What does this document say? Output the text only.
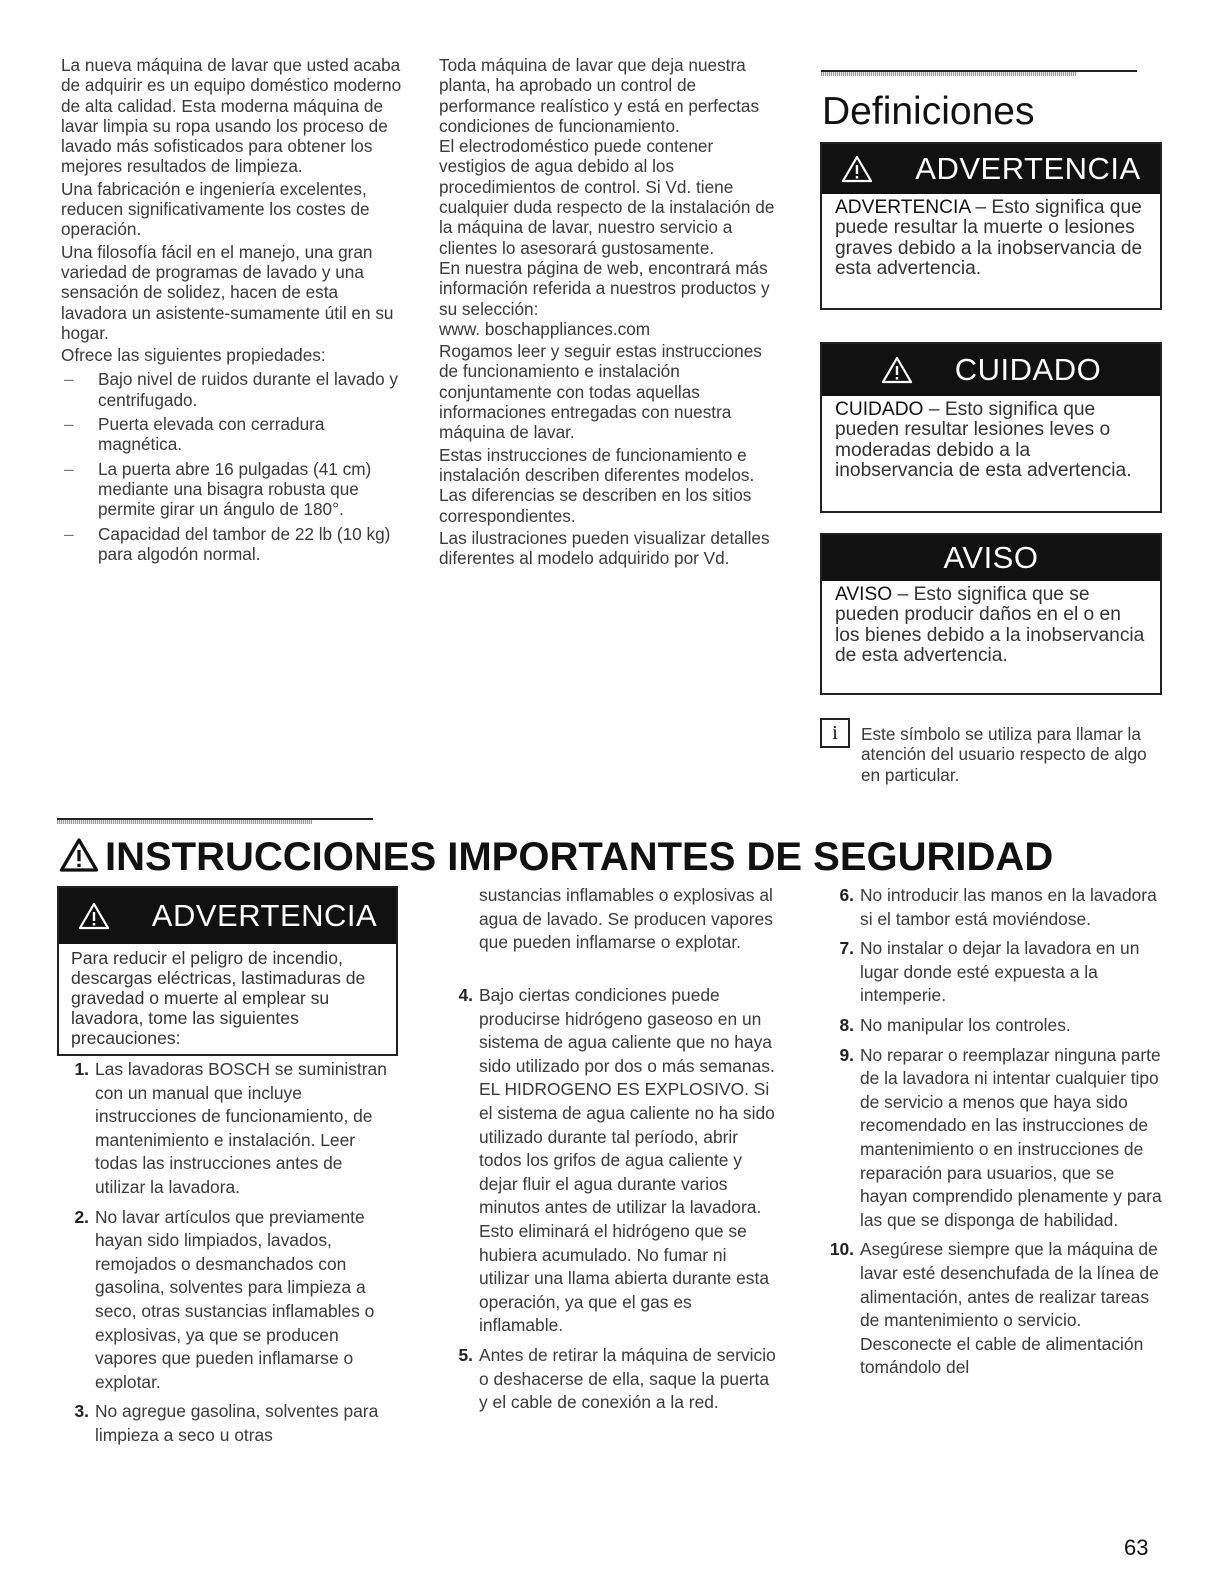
La nueva máquina de lavar que usted acaba de adquirir es un equipo doméstico moderno de alta calidad. Esta moderna máquina de lavar limpia su ropa usando los proceso de lavado más sofisticados para obtener los mejores resultados de limpieza.

Una fabricación e ingeniería excelentes, reducen significativamente los costes de operación.

Una filosofía fácil en el manejo, una gran variedad de programas de lavado y una sensación de solidez, hacen de esta lavadora un asistente-sumamente útil en su hogar.

Ofrece las siguientes propiedades:

– Bajo nivel de ruidos durante el lavado y centrifugado.
– Puerta elevada con cerradura magnética.
– La puerta abre 16 pulgadas (41 cm) mediante una bisagra robusta que permite girar un ángulo de 180°.
– Capacidad del tambor de 22 lb (10 kg) para algodón normal.

Toda máquina de lavar que deja nuestra planta, ha aprobado un control de performance realístico y está en perfectas condiciones de funcionamiento.

El electrodoméstico puede contener vestigios de agua debido al los procedimientos de control. Si Vd. tiene cualquier duda respecto de la instalación de la máquina de lavar, nuestro servicio a clientes lo asesorará gustosamente.

En nuestra página de web, encontrará más información referida a nuestros productos y su selección:

www. boschappliances.com

Rogamos leer y seguir estas instrucciones de funcionamiento e instalación conjuntamente con todas aquellas informaciones entregadas con nuestra máquina de lavar.

Estas instrucciones de funcionamiento e instalación describen diferentes modelos. Las diferencias se describen en los sitios correspondientes.

Las ilustraciones pueden visualizar detalles diferentes al modelo adquirido por Vd.

Definiciones
ADVERTENCIA
ADVERTENCIA – Esto significa que puede resultar la muerte o lesiones graves debido a la inobservancia de esta advertencia.
CUIDADO
CUIDADO – Esto significa que pueden resultar lesiones leves o moderadas debido a la inobservancia de esta advertencia.
AVISO
AVISO – Esto significa que se pueden producir daños en el o en los bienes debido a la inobservancia de esta advertencia.
i	Este símbolo se utiliza para llamar la atención del usuario respecto de algo en particular.
INSTRUCCIONES IMPORTANTES DE SEGURIDAD
ADVERTENCIA
Para reducir el peligro de incendio, descargas eléctricas, lastimaduras de gravedad o muerte al emplear su lavadora, tome las siguientes precauciones:
1. Las lavadoras BOSCH se suministran con un manual que incluye instrucciones de funcionamiento, de mantenimiento e instalación. Leer todas las instrucciones antes de utilizar la lavadora.
2. No lavar artículos que previamente hayan sido limpiados, lavados, remojados o desmanchados con gasolina, solventes para limpieza a seco, otras sustancias inflamables o explosivas, ya que se producen vapores que pueden inflamarse o explotar.
3. No agregue gasolina, solventes para limpieza a seco u otras
sustancias inflamables o explosivas al agua de lavado. Se producen vapores que pueden inflamarse o explotar.
4. Bajo ciertas condiciones puede producirse hidrógeno gaseoso en un sistema de agua caliente que no haya sido utilizado por dos o más semanas. EL HIDROGENO ES EXPLOSIVO. Si el sistema de agua caliente no ha sido utilizado durante tal período, abrir todos los grifos de agua caliente y dejar fluir el agua durante varios minutos antes de utilizar la lavadora. Esto eliminará el hidrógeno que se hubiera acumulado. No fumar ni utilizar una llama abierta durante esta operación, ya que el gas es inflamable.
5. Antes de retirar la máquina de servicio o deshacerse de ella, saque la puerta y el cable de conexión a la red.
6. No introducir las manos en la lavadora si el tambor está moviéndose.
7. No instalar o dejar la lavadora en un lugar donde esté expuesta a la intemperie.
8. No manipular los controles.
9. No reparar o reemplazar ninguna parte de la lavadora ni intentar cualquier tipo de servicio a menos que haya sido recomendado en las instrucciones de mantenimiento o en instrucciones de reparación para usuarios, que se hayan comprendido plenamente y para las que se disponga de habilidad.
10. Asegúrese siempre que la máquina de lavar esté desenchufada de la línea de alimentación, antes de realizar tareas de mantenimiento o servicio. Desconecte el cable de alimentación tomándolo del
63
